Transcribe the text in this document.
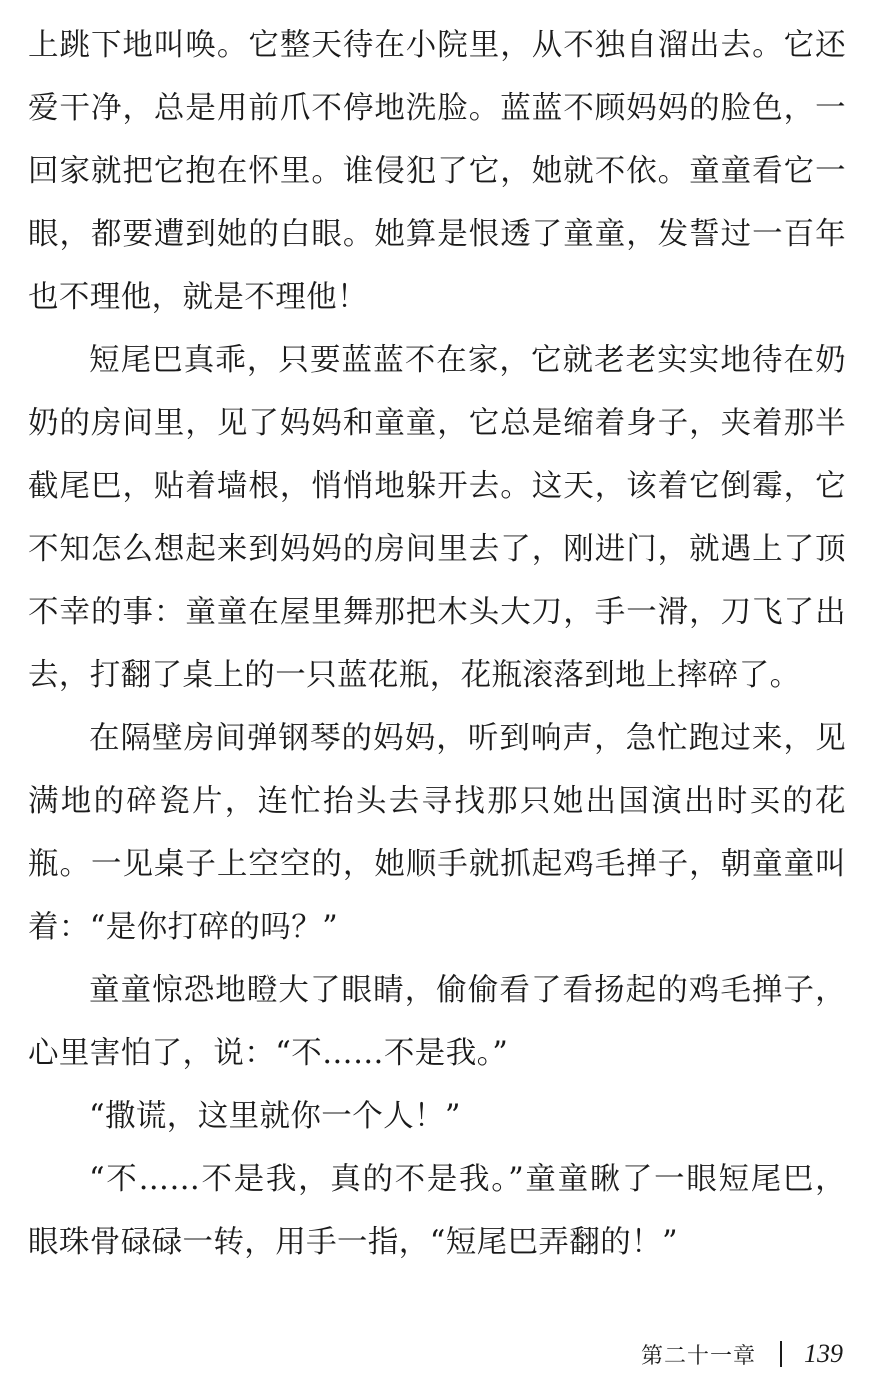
上跳下地叫唤。它整天待在小院里，从不独自溜出去。它还爱干净，总是用前爪不停地洗脸。蓝蓝不顾妈妈的脸色，一回家就把它抱在怀里。谁侵犯了它，她就不依。童童看它一眼，都要遭到她的白眼。她算是恨透了童童，发誓过一百年也不理他，就是不理他！

短尾巴真乖，只要蓝蓝不在家，它就老老实实地待在奶奶的房间里，见了妈妈和童童，它总是缩着身子，夹着那半截尾巴，贴着墙根，悄悄地躲开去。这天，该着它倒霉，它不知怎么想起来到妈妈的房间里去了，刚进门，就遇上了顶不幸的事：童童在屋里舞那把木头大刀，手一滑，刀飞了出去，打翻了桌上的一只蓝花瓶，花瓶滚落到地上摔碎了。

在隔壁房间弹钢琴的妈妈，听到响声，急忙跑过来，见满地的碎瓷片，连忙抬头去寻找那只她出国演出时买的花瓶。一见桌子上空空的，她顺手就抓起鸡毛掸子，朝童童叫着：“是你打碎的吗？”

童童惊恐地瞪大了眼睛，偷偷看了看扬起的鸡毛掸子，心里害怕了，说：“不……不是我。”

“撒谎，这里就你一个人！”

“不……不是我，真的不是我。”童童瞅了一眼短尾巴，眼珠骨碌碌一转，用手一指，“短尾巴弄翻的！”

第二十一章 139
